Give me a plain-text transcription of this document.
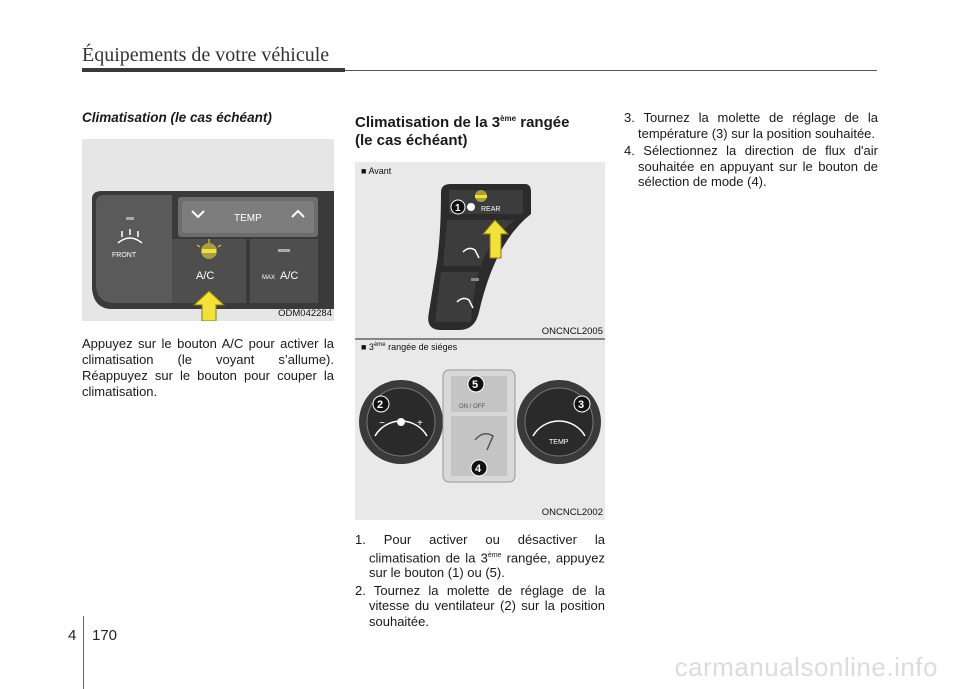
Équipements de votre véhicule

Climatisation (le cas échéant)

TEMP
FRONT
A/C	MAX A/C
ODM042284

Appuyez sur le bouton A/C pour activer la climatisation (le voyant s’allume). Réappuyez sur le bouton pour couper la climatisation.

Climatisation de la 3ème rangée
(le cas échéant)

REAR
1
■ Avant
ONCNCL2005
−	+
ON / OFF
TEMP
2
5
3
4
■ 3ème rangée de siéges
ONCNCL2002
1. Pour activer ou désactiver la climatisation de la 3ème rangée, appuyez sur le bouton (1) ou (5).
2. Tournez la molette de réglage de la vitesse du ventilateur (2) sur la position souhaitée.
3. Tournez la molette de réglage de la température (3) sur la position souhaitée.
4. Sélectionnez la direction de flux d'air souhaitée en appuyant sur le bouton de sélection de mode (4).
4 170
carmanualsonline.info
